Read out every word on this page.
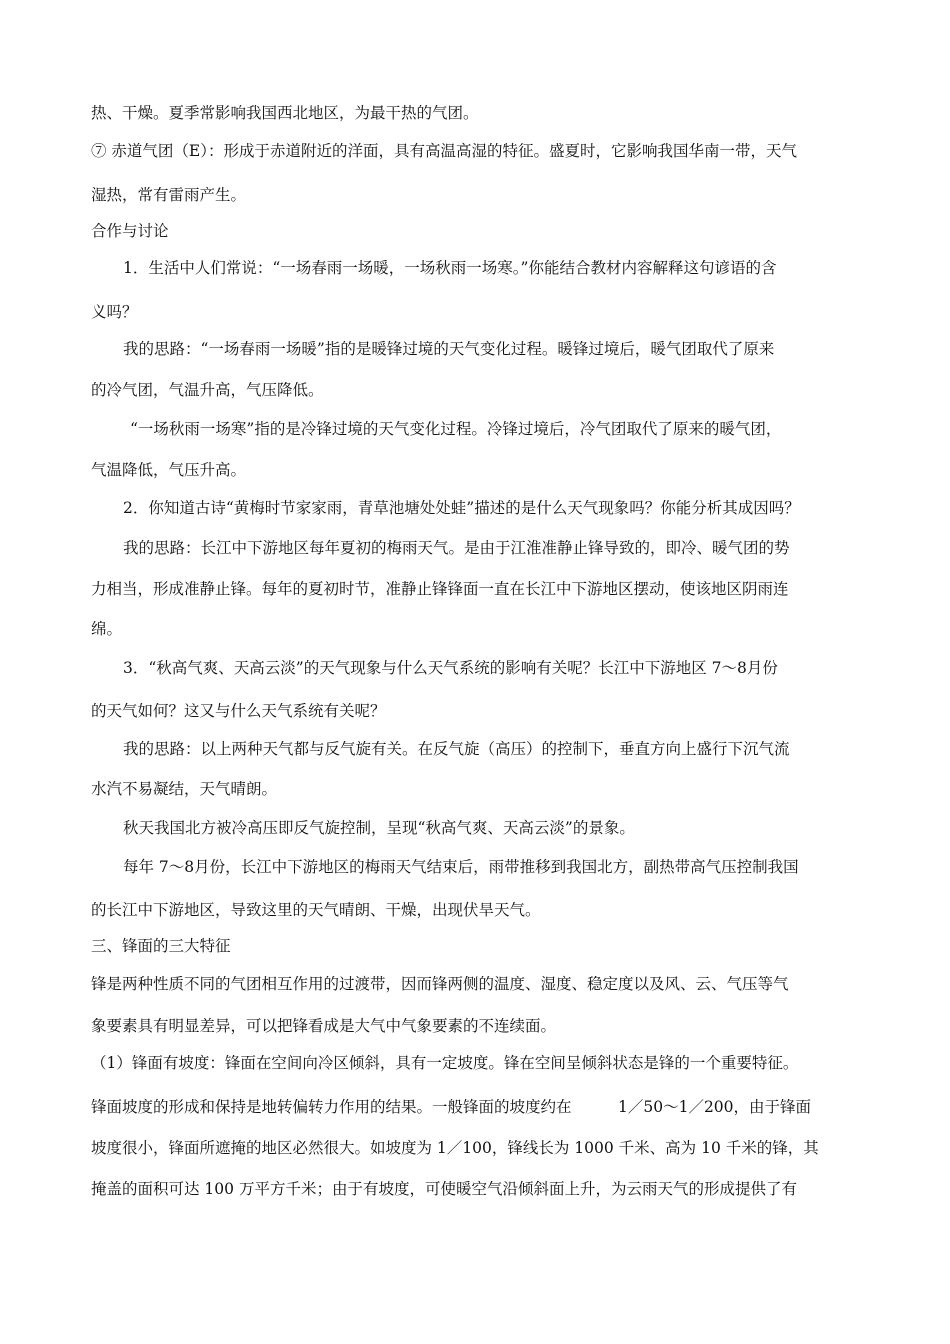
热、干燥。夏季常影响我国西北地区，为最干热的气团。
⑦ 赤道气团（E）：形成于赤道附近的洋面，具有高温高湿的特征。盛夏时，它影响我国华南一带，天气
湿热，常有雷雨产生。
合作与讨论
1．生活中人们常说：“一场春雨一场暖，一场秋雨一场寒。”你能结合教材内容解释这句谚语的含
义吗？
我的思路：“一场春雨一场暖”指的是暖锋过境的天气变化过程。暖锋过境后，暖气团取代了原来
的冷气团，气温升高，气压降低。
“一场秋雨一场寒”指的是冷锋过境的天气变化过程。冷锋过境后，冷气团取代了原来的暖气团，
气温降低，气压升高。
2．你知道古诗“黄梅时节家家雨，青草池塘处处蛙”描述的是什么天气现象吗？你能分析其成因吗？
我的思路：长江中下游地区每年夏初的梅雨天气。是由于江淮准静止锋导致的，即冷、暖气团的势
力相当，形成准静止锋。每年的夏初时节，准静止锋锋面一直在长江中下游地区摆动，使该地区阴雨连
绵。
3．“秋高气爽、天高云淡”的天气现象与什么天气系统的影响有关呢？长江中下游地区 7～8月份
的天气如何？这又与什么天气系统有关呢？
我的思路：以上两种天气都与反气旋有关。在反气旋（高压）的控制下，垂直方向上盛行下沉气流
水汽不易凝结，天气晴朗。
秋天我国北方被冷高压即反气旋控制，呈现“秋高气爽、天高云淡”的景象。
每年 7～8月份，长江中下游地区的梅雨天气结束后，雨带推移到我国北方，副热带高气压控制我国
的长江中下游地区，导致这里的天气晴朗、干燥，出现伏旱天气。
三、锋面的三大特征
锋是两种性质不同的气团相互作用的过渡带，因而锋两侧的温度、湿度、稳定度以及风、云、气压等气
象要素具有明显差异，可以把锋看成是大气中气象要素的不连续面。
（1）锋面有坡度：锋面在空间向冷区倾斜，具有一定坡度。锋在空间呈倾斜状态是锋的一个重要特征。
锋面坡度的形成和保持是地转偏转力作用的结果。一般锋面的坡度约在　　　1／50～1／200，由于锋面
坡度很小，锋面所遮掩的地区必然很大。如坡度为 1／100，锋线长为 1000 千米、高为 10 千米的锋，其
掩盖的面积可达 100 万平方千米；由于有坡度，可使暖空气沿倾斜面上升，为云雨天气的形成提供了有
